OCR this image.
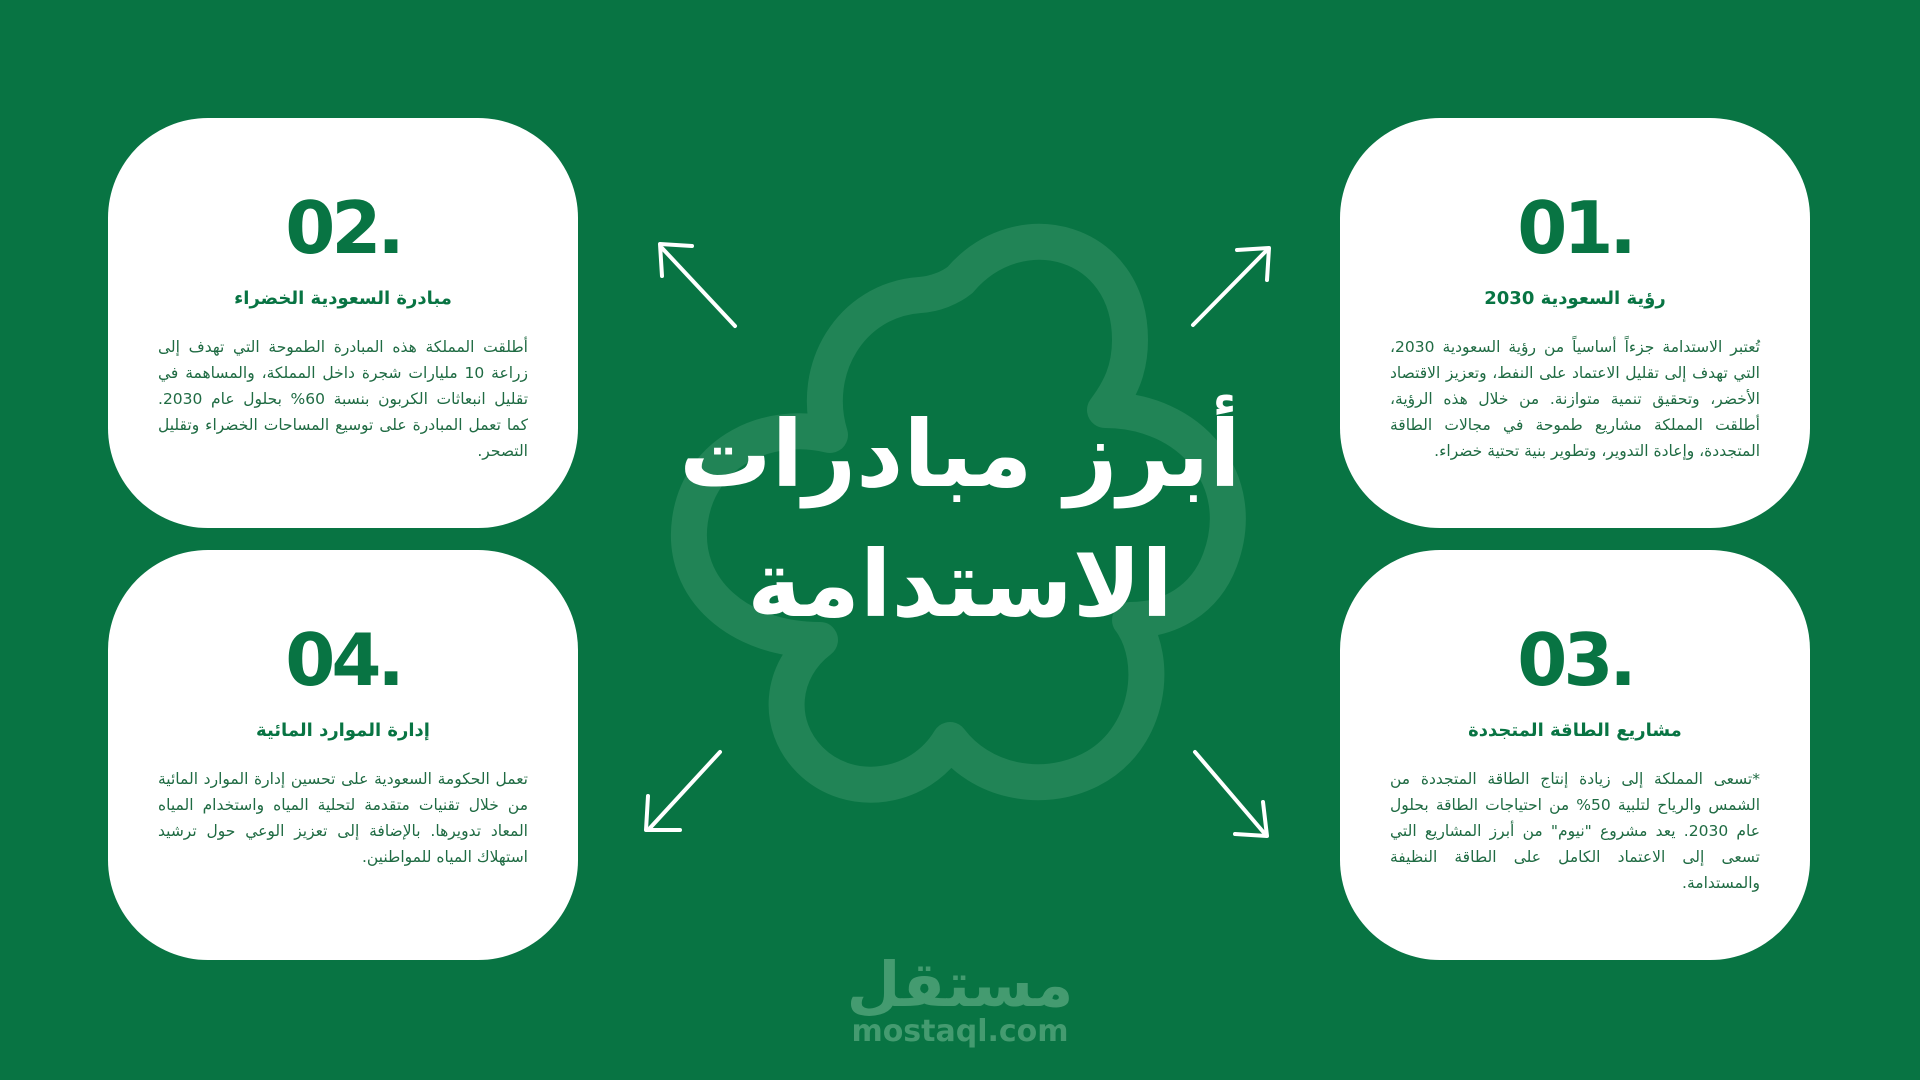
أبرز مبادرات
الاستدامة
01.
رؤية السعودية 2030
تُعتبر الاستدامة جزءاً أساسياً من رؤية السعودية 2030، التي تهدف إلى تقليل الاعتماد على النفط، وتعزيز الاقتصاد الأخضر، وتحقيق تنمية متوازنة. من خلال هذه الرؤية، أطلقت المملكة مشاريع طموحة في مجالات الطاقة المتجددة، وإعادة التدوير، وتطوير بنية تحتية خضراء.
02.
مبادرة السعودية الخضراء
أطلقت المملكة هذه المبادرة الطموحة التي تهدف إلى زراعة 10 مليارات شجرة داخل المملكة، والمساهمة في تقليل انبعاثات الكربون بنسبة 60% بحلول عام 2030. كما تعمل المبادرة على توسيع المساحات الخضراء وتقليل التصحر.
03.
مشاريع الطاقة المتجددة
*تسعى المملكة إلى زيادة إنتاج الطاقة المتجددة من الشمس والرياح لتلبية 50% من احتياجات الطاقة بحلول عام 2030. يعد مشروع "نيوم" من أبرز المشاريع التي تسعى إلى الاعتماد الكامل على الطاقة النظيفة والمستدامة.
04.
إدارة الموارد المائية
تعمل الحكومة السعودية على تحسين إدارة الموارد المائية من خلال تقنيات متقدمة لتحلية المياه واستخدام المياه المعاد تدويرها. بالإضافة إلى تعزيز الوعي حول ترشيد استهلاك المياه للمواطنين.
مستقل
mostaql.com
